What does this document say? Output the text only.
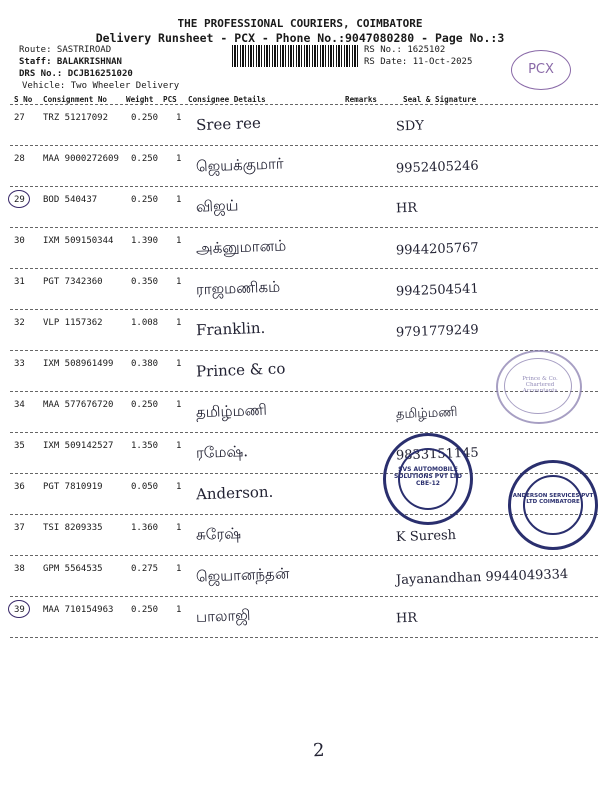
THE PROFESSIONAL COURIERS, COIMBATORE
Delivery Runsheet - PCX - Phone No.:9047080280 - Page No.:3
Route: SASTRIROAD
Staff: BALAKRISHNAN
DRS No.: DCJB16251020
Vehicle: Two Wheeler Delivery
RS No.: 1625102
RS Date: 11-Oct-2025	PCX
S No Consignment No Weight PCS Consignee Details	Remarks	Seal & Signature
27 TRZ 51217092	0.250 1 Sree ree	SDY
28 MAA 9000272609 0.250 1 ஜெயக்குமார்	9952405246
29 BOD 540437	0.250 1 விஜய்	HR
30 IXM 509150344 1.390 1 அக்னுமானம்	9944205767
31 PGT 7342360	0.350 1 ராஜமணிகம்	9942504541
32 VLP 1157362	1.008 1 Franklin.	9791779249
33 IXM 508961499 0.380 1 Prince & co
34 MAA 577676720 0.250 1 தமிழ்மணி	தமிழ்மணி
35 IXM 509142527 1.350 1 ரமேஷ்.	9833151145
36 PGT 7810919	0.050 1 Anderson.
37 TSI 8209335	1.360 1 சுரேஷ்	K Suresh
38 GPM 5564535	0.275 1 ஜெயானந்தன்	Jayanandhan 9944049334
39 MAA 710154963 0.250 1 பாலாஜி	HR
Prince & Co. Chartered Accountants
SVS AUTOMOBILE SOLUTIONS PVT LTD CBE-12
ANDERSON SERVICES PVT LTD COIMBATORE
2
